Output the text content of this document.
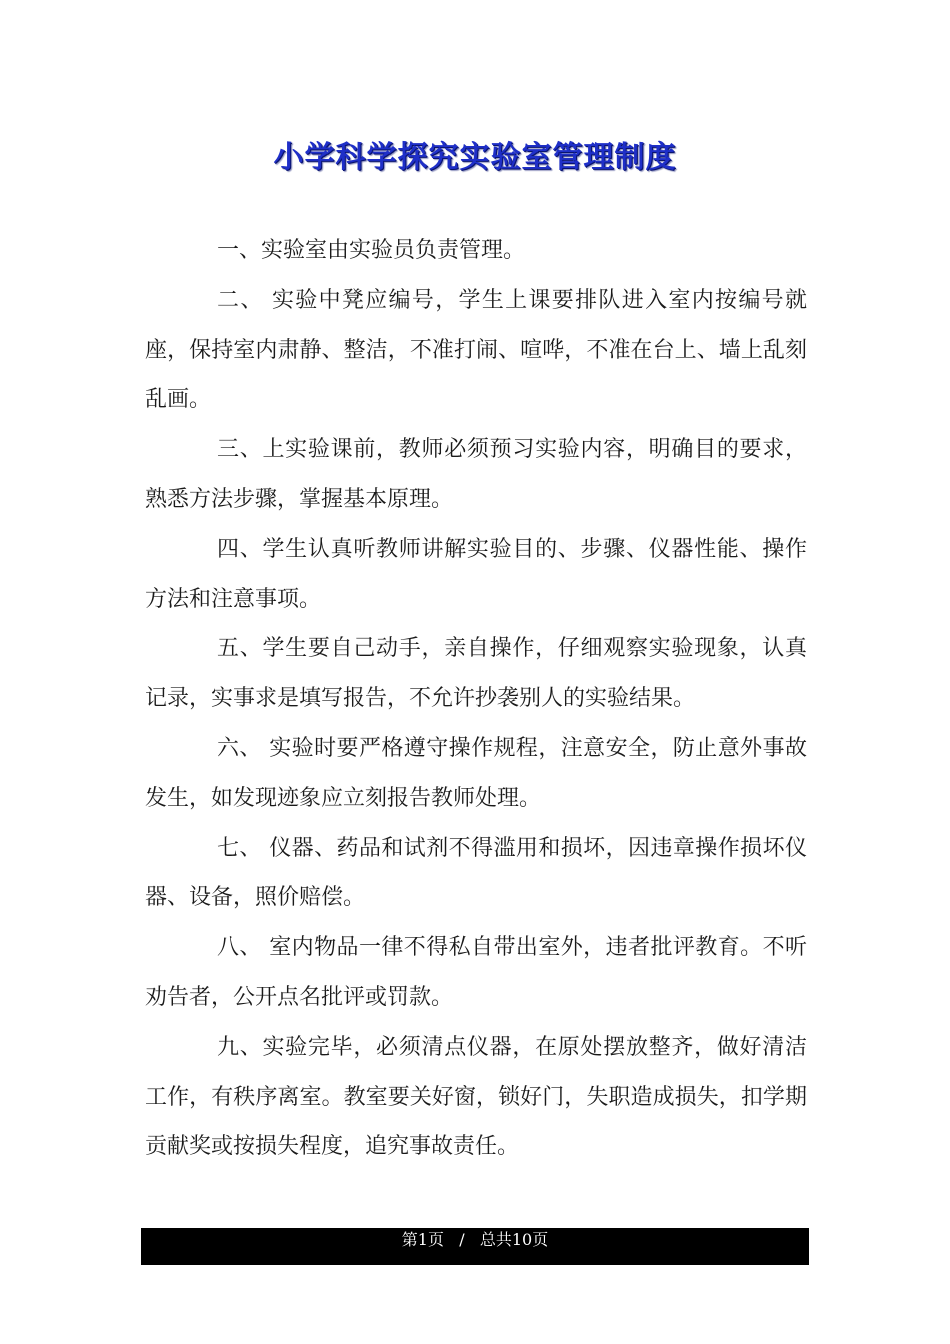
小学科学探究实验室管理制度

一、实验室由实验员负责管理。

二、 实验中凳应编号，学生上课要排队进入室内按编号就座，保持室内肃静、整洁，不准打闹、喧哗，不准在台上、墙上乱刻乱画。

三、上实验课前，教师必须预习实验内容，明确目的要求，熟悉方法步骤，掌握基本原理。

四、学生认真听教师讲解实验目的、步骤、仪器性能、操作方法和注意事项。

五、学生要自己动手，亲自操作，仔细观察实验现象，认真记录，实事求是填写报告，不允许抄袭别人的实验结果。

六、 实验时要严格遵守操作规程，注意安全，防止意外事故发生，如发现迹象应立刻报告教师处理。

七、 仪器、药品和试剂不得滥用和损坏，因违章操作损坏仪器、设备，照价赔偿。

八、 室内物品一律不得私自带出室外，违者批评教育。不听劝告者，公开点名批评或罚款。

九、实验完毕，必须清点仪器，在原处摆放整齐，做好清洁工作，有秩序离室。教室要关好窗，锁好门，失职造成损失，扣学期贡献奖或按损失程度，追究事故责任。

第1页   /   总共10页
